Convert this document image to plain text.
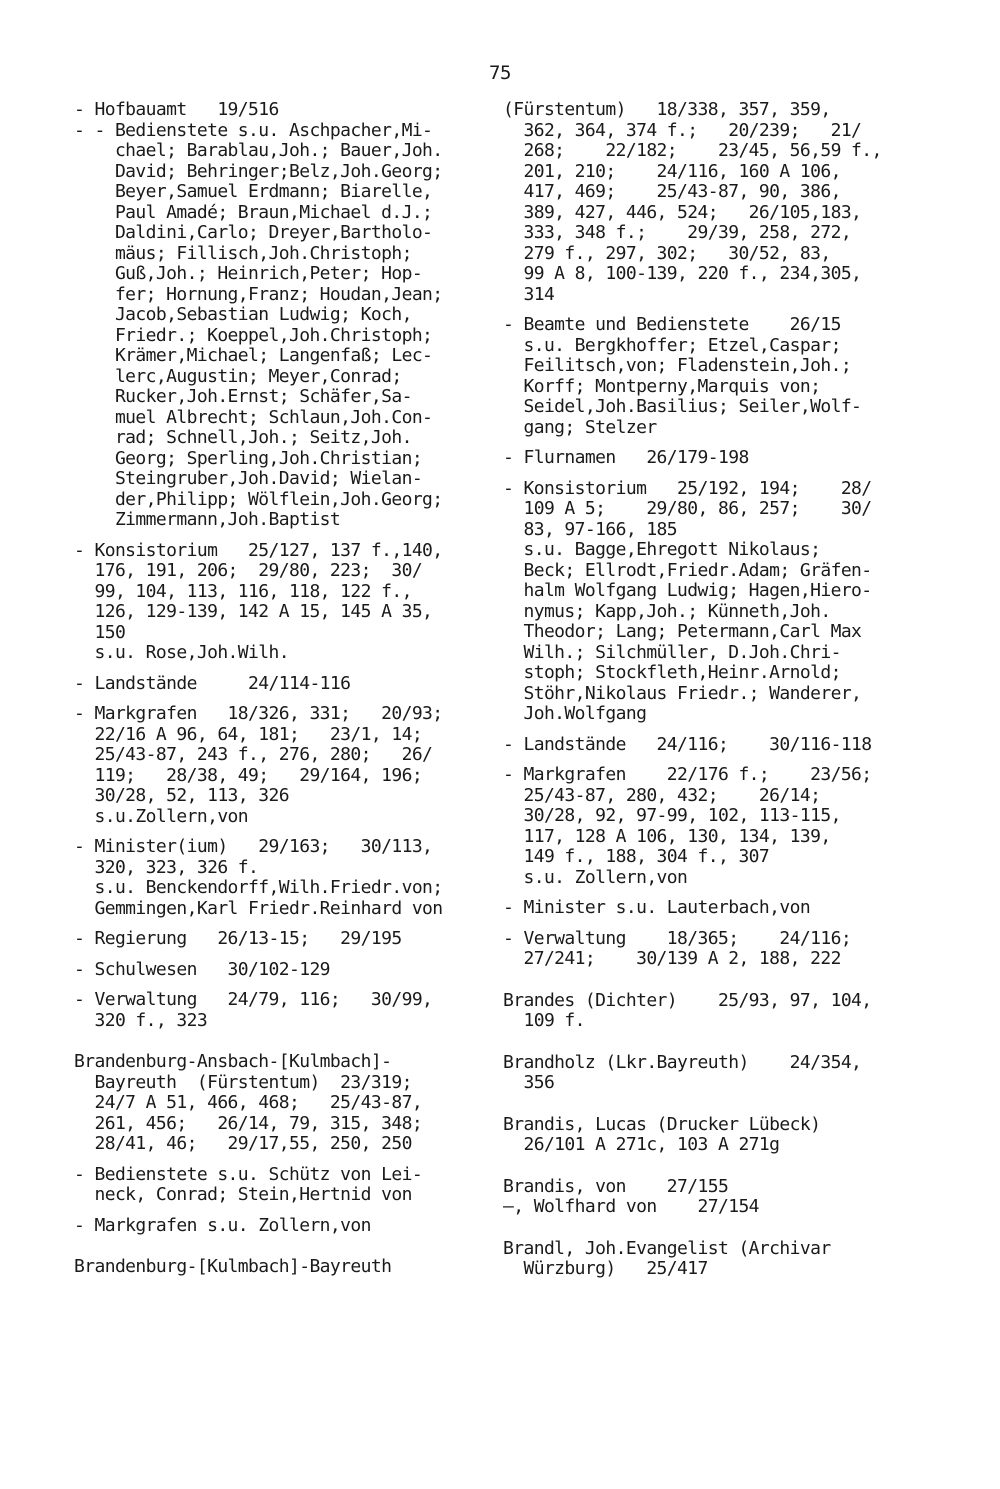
75

- Hofbauamt   19/516
- - Bedienstete s.u. Aschpacher,Mi-
chael; Barablau,Joh.; Bauer,Joh.
David; Behringer;Belz,Joh.Georg;
Beyer,Samuel Erdmann; Biarelle,
Paul Amadé; Braun,Michael d.J.;
Daldini,Carlo; Dreyer,Bartholo-
mäus; Fillisch,Joh.Christoph;
Guß,Joh.; Heinrich,Peter; Hop-
fer; Hornung,Franz; Houdan,Jean;
Jacob,Sebastian Ludwig; Koch,
Friedr.; Koeppel,Joh.Christoph;
Krämer,Michael; Langenfaß; Lec-
lerc,Augustin; Meyer,Conrad;
Rucker,Joh.Ernst; Schäfer,Sa-
muel Albrecht; Schlaun,Joh.Con-
rad; Schnell,Joh.; Seitz,Joh.
Georg; Sperling,Joh.Christian;
Steingruber,Joh.David; Wielan-
der,Philipp; Wölflein,Joh.Georg;
Zimmermann,Joh.Baptist

- Konsistorium   25/127, 137 f.,140,
176, 191, 206;  29/80, 223;  30/
99, 104, 113, 116, 118, 122 f.,
126, 129-139, 142 A 15, 145 A 35,
150
s.u. Rose,Joh.Wilh.

- Landstände     24/114-116

- Markgrafen   18/326, 331;   20/93;
22/16 A 96, 64, 181;   23/1, 14;
25/43-87, 243 f., 276, 280;   26/
119;   28/38, 49;   29/164, 196;
30/28, 52, 113, 326
s.u.Zollern,von

- Minister(ium)   29/163;   30/113,
320, 323, 326 f.
s.u. Benckendorff,Wilh.Friedr.von;
Gemmingen,Karl Friedr.Reinhard von

- Regierung   26/13-15;   29/195

- Schulwesen   30/102-129

- Verwaltung   24/79, 116;   30/99,
320 f., 323

Brandenburg-Ansbach-[Kulmbach]-
Bayreuth  (Fürstentum)  23/319;
24/7 A 51, 466, 468;   25/43-87,
261, 456;   26/14, 79, 315, 348;
28/41, 46;   29/17,55, 250, 250

- Bedienstete s.u. Schütz von Lei-
neck, Conrad; Stein,Hertnid von

- Markgrafen s.u. Zollern,von

Brandenburg-[Kulmbach]-Bayreuth

(Fürstentum)   18/338, 357, 359,
362, 364, 374 f.;   20/239;   21/
268;    22/182;    23/45, 56,59 f.,
201, 210;    24/116, 160 A 106,
417, 469;    25/43-87, 90, 386,
389, 427, 446, 524;   26/105,183,
333, 348 f.;    29/39, 258, 272,
279 f., 297, 302;   30/52, 83,
99 A 8, 100-139, 220 f., 234,305,
314

- Beamte und Bedienstete    26/15
s.u. Bergkhoffer; Etzel,Caspar;
Feilitsch,von; Fladenstein,Joh.;
Korff; Montperny,Marquis von;
Seidel,Joh.Basilius; Seiler,Wolf-
gang; Stelzer

- Flurnamen   26/179-198

- Konsistorium   25/192, 194;    28/
109 A 5;    29/80, 86, 257;    30/
83, 97-166, 185
s.u. Bagge,Ehregott Nikolaus;
Beck; Ellrodt,Friedr.Adam; Gräfen-
halm Wolfgang Ludwig; Hagen,Hiero-
nymus; Kapp,Joh.; Künneth,Joh.
Theodor; Lang; Petermann,Carl Max
Wilh.; Silchmüller, D.Joh.Chri-
stoph; Stockfleth,Heinr.Arnold;
Stöhr,Nikolaus Friedr.; Wanderer,
Joh.Wolfgang

- Landstände   24/116;    30/116-118

- Markgrafen    22/176 f.;    23/56;
25/43-87, 280, 432;    26/14;
30/28, 92, 97-99, 102, 113-115,
117, 128 A 106, 130, 134, 139,
149 f., 188, 304 f., 307
s.u. Zollern,von

- Minister s.u. Lauterbach,von

- Verwaltung    18/365;    24/116;
27/241;    30/139 A 2, 188, 222

Brandes (Dichter)    25/93, 97, 104,
109 f.

Brandholz (Lkr.Bayreuth)    24/354,
356

Brandis, Lucas (Drucker Lübeck)
26/101 A 271c, 103 A 271g

Brandis, von    27/155
—, Wolfhard von    27/154

Brandl, Joh.Evangelist (Archivar
Würzburg)   25/417
